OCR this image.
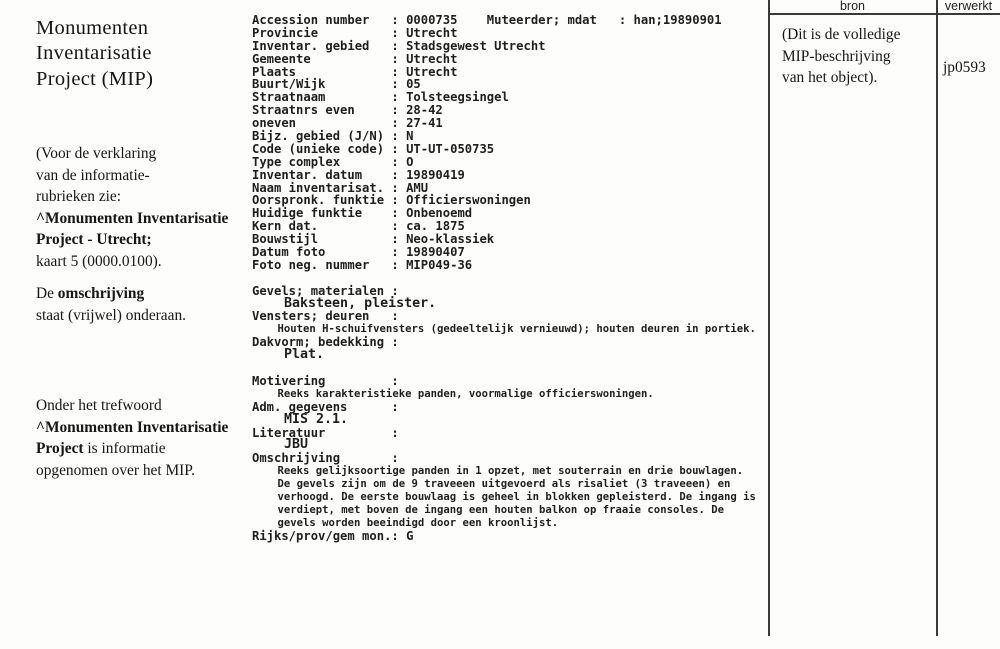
Monumenten
Inventarisatie
Project (MIP)
(Voor de verklaring
van de informatie-
rubrieken zie:
^Monumenten Inventarisatie
Project - Utrecht;
kaart 5 (0000.0100).
De omschrijving
staat (vrijwel) onderaan.
Onder het trefwoord
^Monumenten Inventarisatie
Project is informatie
opgenomen over het MIP.
Accession number   : 0000735    Muteerder; mdat   : han;19890901
Provincie          : Utrecht
Inventar. gebied   : Stadsgewest Utrecht
Gemeente           : Utrecht
Plaats             : Utrecht
Buurt/Wijk         : 05
Straatnaam         : Tolsteegsingel
Straatnrs even     : 28-42
oneven             : 27-41
Bijz. gebied (J/N) : N
Code (unieke code) : UT-UT-050735
Type complex       : O
Inventar. datum    : 19890419
Naam inventarisat. : AMU
Oorspronk. funktie : Officierswoningen
Huidige funktie    : Onbenoemd
Kern dat.          : ca. 1875
Bouwstijl          : Neo-klassiek
Datum foto         : 19890407
Foto neg. nummer   : MIP049-36

Gevels; materialen :
Baksteen, pleister.
Vensters; deuren   :
Houten H-schuifvensters (gedeeltelijk vernieuwd); houten deuren in portiek.
Dakvorm; bedekking :
Plat.

Motivering         :
Reeks karakteristieke panden, voormalige officierswoningen.
Adm. gegevens      :
MIS 2.1.
Literatuur         :
JBU
Omschrijving       :
Reeks gelijksoortige panden in 1 opzet, met souterrain en drie bouwlagen.
De gevels zijn om de 9 traveeen uitgevoerd als risaliet (3 traveeen) en
verhoogd. De eerste bouwlaag is geheel in blokken gepleisterd. De ingang is
verdiept, met boven de ingang een houten balkon op fraaie consoles. De
gevels worden beeindigd door een kroonlijst.
Rijks/prov/gem mon.: G
bron	verwerkt
(Dit is de volledige
MIP-beschrijving
van het object).
jp0593
